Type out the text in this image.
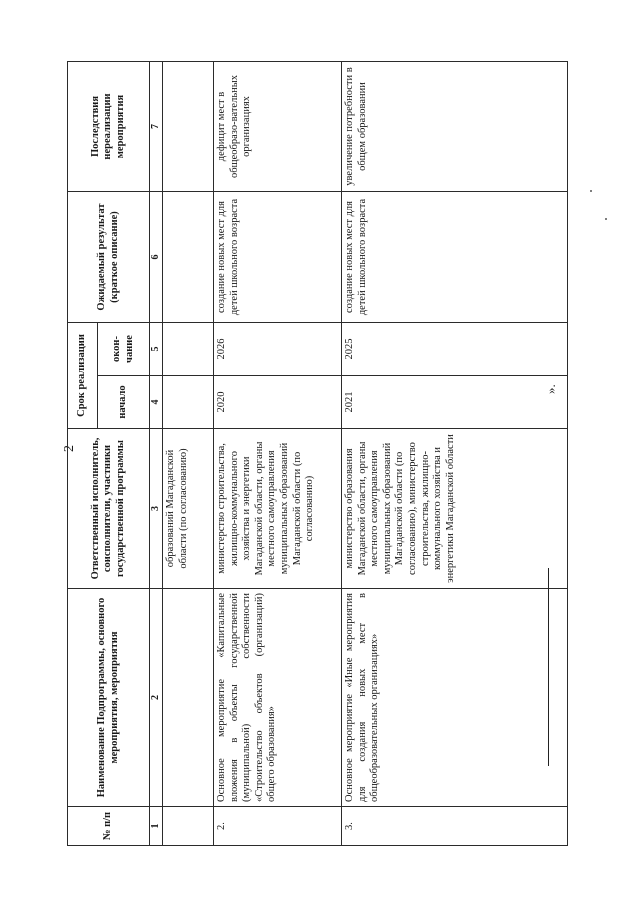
2
№ п/п	Наименование Подпрограммы, основного мероприятия, мероприятия	Ответственный исполнитель, соисполнители, участники государственной программы	Срок реализации		Ожидаемый результат (краткое описание)	Последствия нереализации мероприятия
			начало	окон-чание		
1	2	3	4	5	6	7
		образований Магаданской области (по согласованию)				
2.	Основное мероприятие «Капитальные вложения в объекты государственной (муниципальной) собственности «Строительство объектов (организаций) общего образования»	министерство строительства, жилищно-коммунального хозяйства и энергетики Магаданской области, органы местного самоуправления муниципальных образований Магаданской области (по согласованию)	2020	2026	создание новых мест для детей школьного возраста	дефицит мест в общеобразо-вательных организациях
3.	Основное мероприятие «Иные мероприятия для создания новых мест в общеобразовательных организациях»	министерство образования Магаданской области, органы местного самоуправления муниципальных образований Магаданской области (по согласованию), министерство строительства, жилищно-коммунального хозяйства и энергетики Магаданской области	2021	2025	создание новых мест для детей школьного возраста	увеличение потребности в общем образовании
».
